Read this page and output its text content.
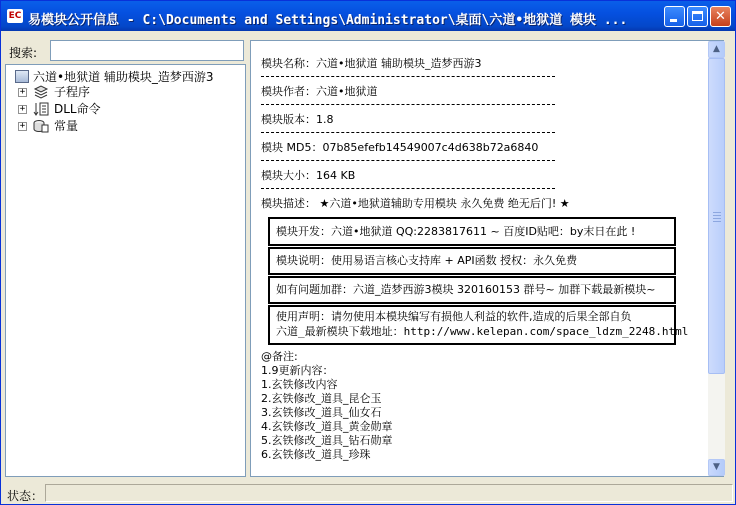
EC 易模块公开信息 - C:\Documents and Settings\Administrator\桌面\六道•地狱道 模块 ...	✕
搜索:
六道•地狱道 辅助模块_造梦西游3
+ 子程序
+ DLL命令
+ 常量
模块名称：六道•地狱道 辅助模块_造梦西游3
模块作者：六道•地狱道
模块版本：1.8
模块 MD5：07b85efefb14549007c4d638b72a6840
模块大小：164 KB
模块描述： ★六道•地狱道辅助专用模块 永久免费 绝无后门! ★
模块开发：六道•地狱道 QQ:2283817611 ~ 百度ID贴吧：by末日在此 !
模块说明：使用易语言核心支持库 + API函数 授权：永久免费
如有问题加群：六道_造梦西游3模块 320160153 群号~ 加群下载最新模块~
使用声明：请勿使用本模块编写有损他人利益的软件,造成的后果全部自负
六道_最新模块下载地址：http://www.kelepan.com/space_ldzm_2248.html
@备注:
1.9更新内容：
1.玄铁修改内容
2.玄铁修改_道具_昆仑玉
3.玄铁修改_道具_仙女石
4.玄铁修改_道具_黄金勋章
5.玄铁修改_道具_钻石勋章
6.玄铁修改_道具_珍珠
▲
▼
状态：
